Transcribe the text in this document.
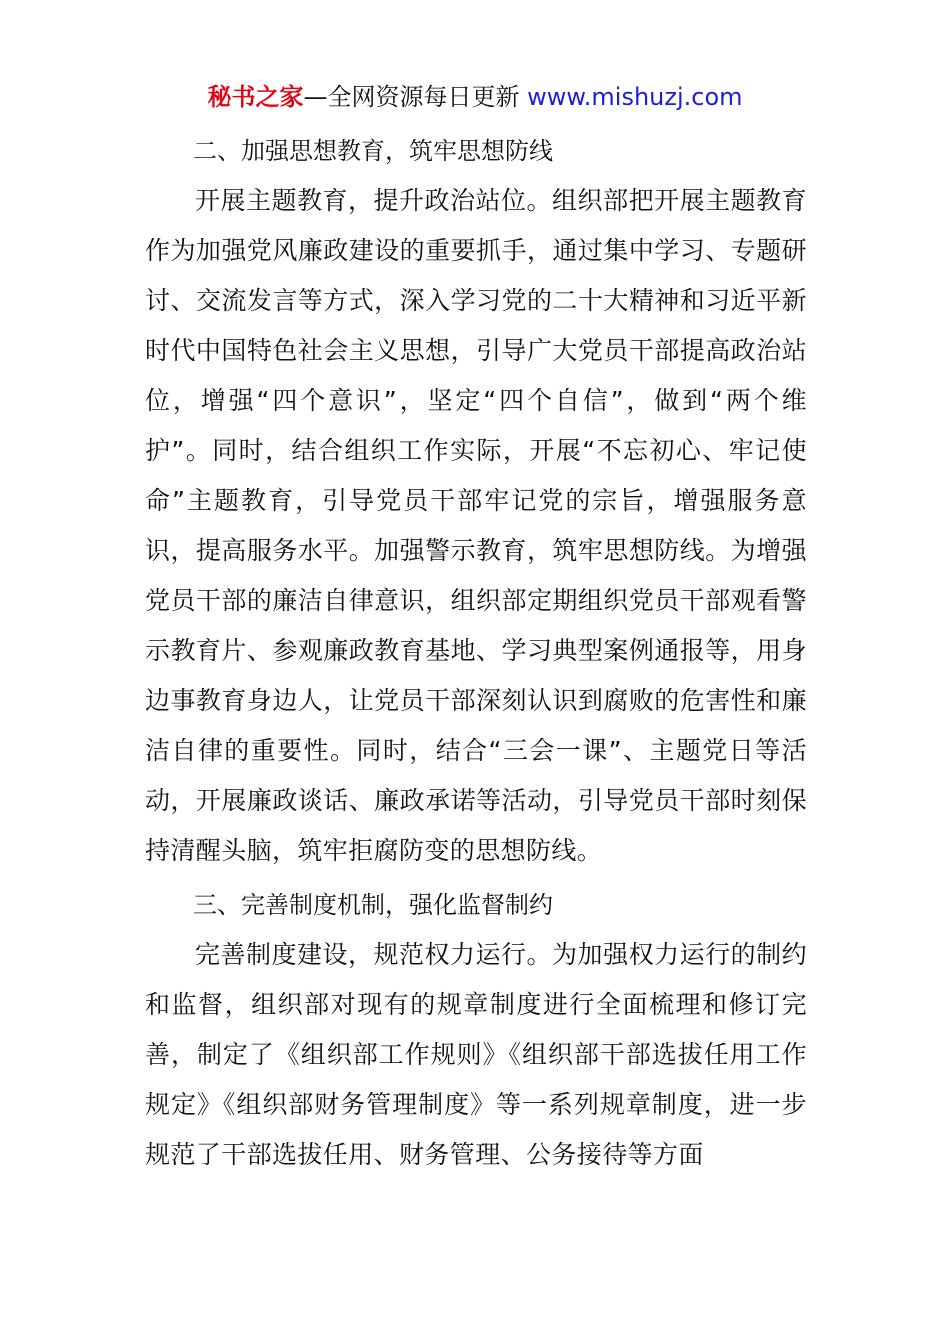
秘书之家—全网资源每日更新 www.mishuzj.com

二、加强思想教育，筑牢思想防线

开展主题教育，提升政治站位。组织部把开展主题教育作为加强党风廉政建设的重要抓手，通过集中学习、专题研讨、交流发言等方式，深入学习党的二十大精神和习近平新时代中国特色社会主义思想，引导广大党员干部提高政治站位，增强“四个意识”，坚定“四个自信”，做到“两个维护”。同时，结合组织工作实际，开展“不忘初心、牢记使命”主题教育，引导党员干部牢记党的宗旨，增强服务意识，提高服务水平。加强警示教育，筑牢思想防线。为增强党员干部的廉洁自律意识，组织部定期组织党员干部观看警示教育片、参观廉政教育基地、学习典型案例通报等，用身边事教育身边人，让党员干部深刻认识到腐败的危害性和廉洁自律的重要性。同时，结合“三会一课”、主题党日等活动，开展廉政谈话、廉政承诺等活动，引导党员干部时刻保持清醒头脑，筑牢拒腐防变的思想防线。

三、完善制度机制，强化监督制约

完善制度建设，规范权力运行。为加强权力运行的制约和监督，组织部对现有的规章制度进行全面梳理和修订完善，制定了《组织部工作规则》《组织部干部选拔任用工作规定》《组织部财务管理制度》等一系列规章制度，进一步规范了干部选拔任用、财务管理、公务接待等方面
